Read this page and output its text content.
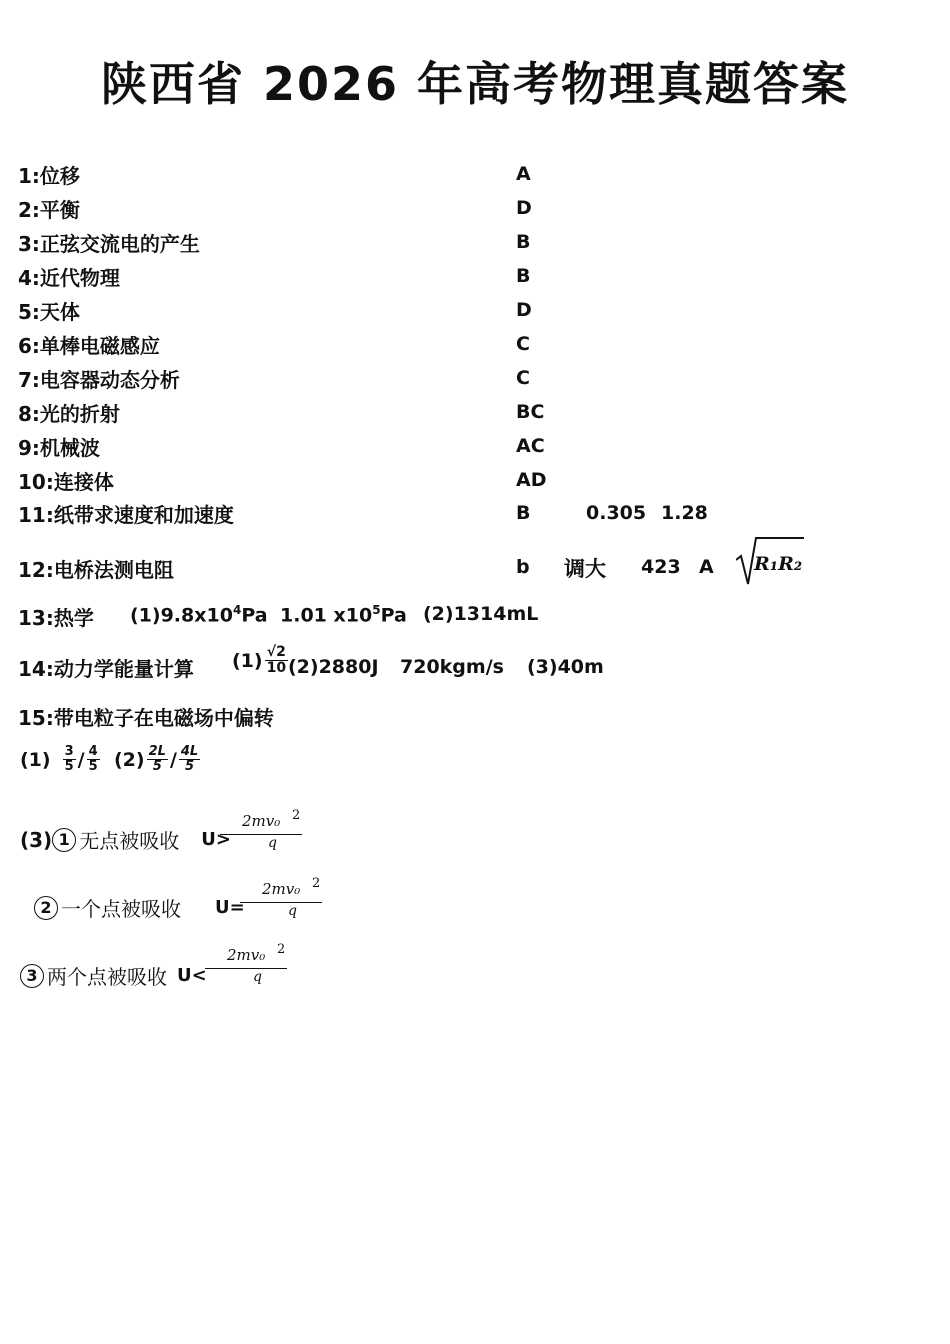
陕西省 2026 年高考物理真题答案
1:位移	A
2:平衡	D
3:正弦交流电的产生	B
4:近代物理	B
5:天体	D
6:单棒电磁感应	C
7:电容器动态分析	C
8:光的折射	BC
9:机械波	AC
10:连接体	AD
11:纸带求速度和加速度	B	0.305 1.28
12:电桥法测电阻	b 调大 423 A R₁R₂
13:热学 $(1)9.8x10^4Pa$ 1.01 $x10^5Pa$ (2)1314mL
14:动力学能量计算 $(1) \frac{√2}{10} (2)2880J$ 720kgm/s (3)40m
15:带电粒子在电磁场中偏转
$(1) \frac{3}{5} / \frac{4}{5} (2) \frac{2L}{5} / \frac{4L}{5}$
(3) 1 无点被吸收 U>
2mv₀
q
2
2 一个点被吸收 U=
2mv₀
q
2
3 两个点被吸收 U<
2mv₀
q
2
